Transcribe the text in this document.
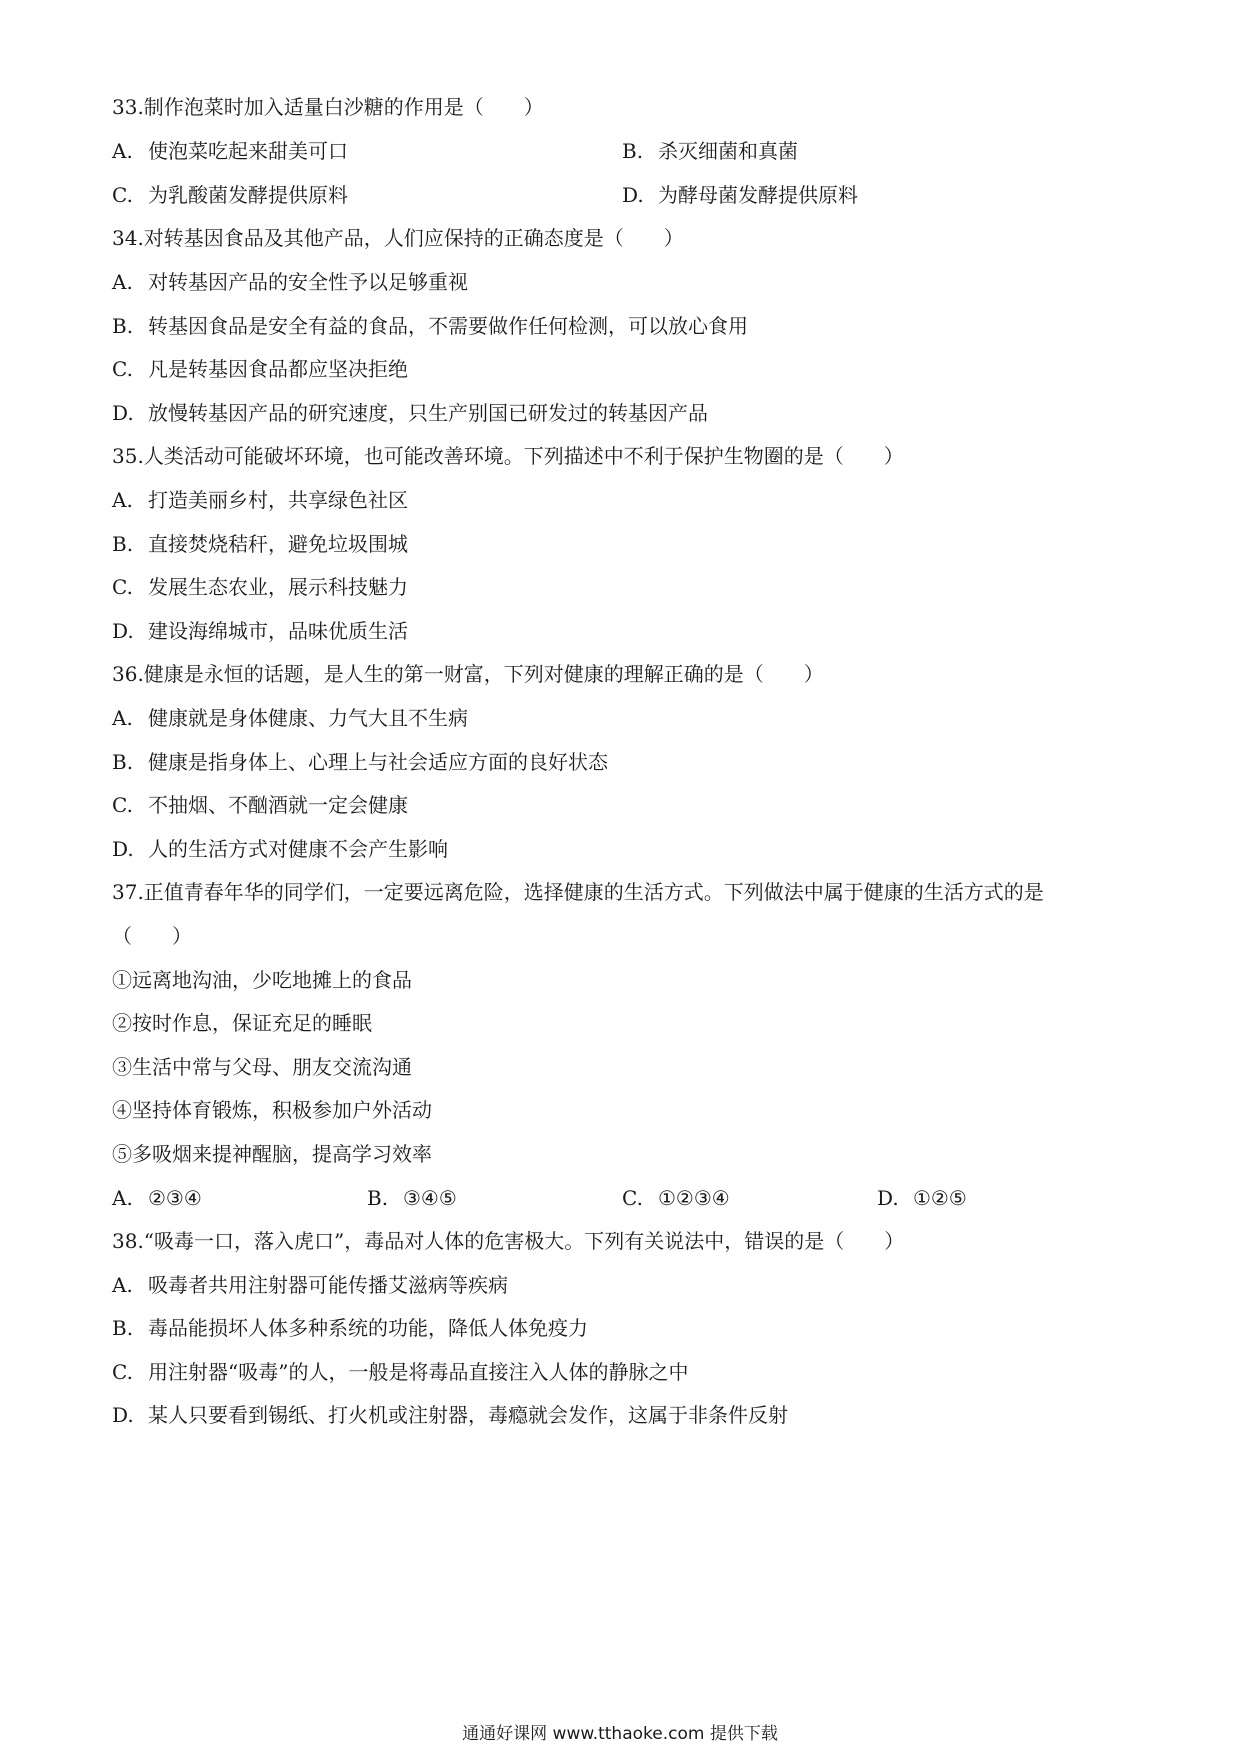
33.制作泡菜时加入适量白沙糖的作用是（　　）
A. 使泡菜吃起来甜美可口	B. 杀灭细菌和真菌
C. 为乳酸菌发酵提供原料	D. 为酵母菌发酵提供原料
34.对转基因食品及其他产品，人们应保持的正确态度是（　　）
A. 对转基因产品的安全性予以足够重视
B. 转基因食品是安全有益的食品，不需要做作任何检测，可以放心食用
C. 凡是转基因食品都应坚决拒绝
D. 放慢转基因产品的研究速度，只生产别国已研发过的转基因产品
35.人类活动可能破坏环境，也可能改善环境。下列描述中不利于保护生物圈的是（　　）
A. 打造美丽乡村，共享绿色社区
B. 直接焚烧秸秆，避免垃圾围城
C. 发展生态农业，展示科技魅力
D. 建设海绵城市，品味优质生活
36.健康是永恒的话题，是人生的第一财富，下列对健康的理解正确的是（　　）
A. 健康就是身体健康、力气大且不生病
B. 健康是指身体上、心理上与社会适应方面的良好状态
C. 不抽烟、不酗酒就一定会健康
D. 人的生活方式对健康不会产生影响
37.正值青春年华的同学们，一定要远离危险，选择健康的生活方式。下列做法中属于健康的生活方式的是
（　　）
①远离地沟油，少吃地摊上的食品
②按时作息，保证充足的睡眠
③生活中常与父母、朋友交流沟通
④坚持体育锻炼，积极参加户外活动
⑤多吸烟来提神醒脑，提高学习效率
A. ②③④	B. ③④⑤	C. ①②③④	D. ①②⑤
38.“吸毒一口，落入虎口”，毒品对人体的危害极大。下列有关说法中，错误的是（　　）
A. 吸毒者共用注射器可能传播艾滋病等疾病
B. 毒品能损坏人体多种系统的功能，降低人体免疫力
C. 用注射器“吸毒”的人，一般是将毒品直接注入人体的静脉之中
D. 某人只要看到锡纸、打火机或注射器，毒瘾就会发作，这属于非条件反射
通通好课网 www.tthaoke.com 提供下载
